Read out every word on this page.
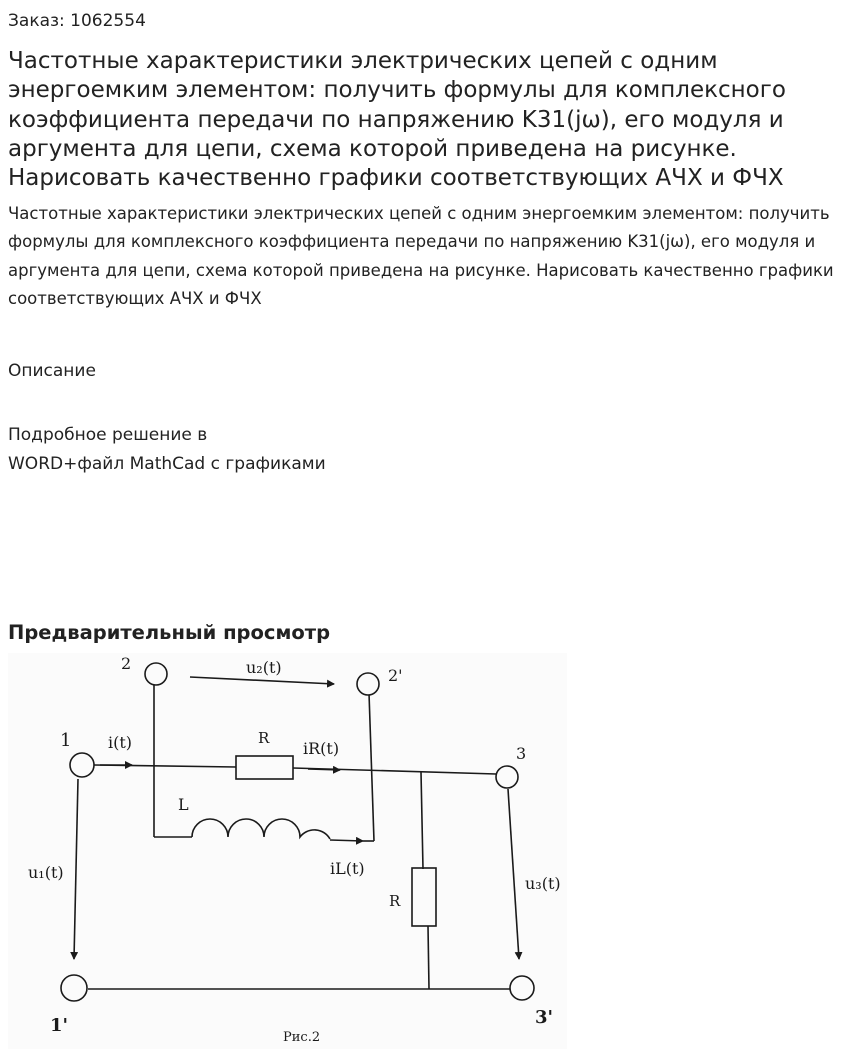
Заказ: 1062554
Частотные характеристики электрических цепей с одним энергоемким элементом: получить формулы для комплексного коэффициента передачи по напряжению K31(jω), его модуля и аргумента для цепи, схема которой приведена на рисунке. Нарисовать качественно графики соответствующих АЧХ и ФЧХ

Частотные характеристики электрических цепей с одним энергоемким элементом: получить формулы для комплексного коэффициента передачи по напряжению K31(jω), его модуля и аргумента для цепи, схема которой приведена на рисунке. Нарисовать качественно графики соответствующих АЧХ и ФЧХ

Описание

Подробное решение в
WORD+файл MathCad с графиками

Предварительный просмотр
2
2'
1
3
1'	3'
u₂(t)
i(t)	R
iR(t)
L
iL(t)
u₁(t)
u₃(t)
R
Рис.2
